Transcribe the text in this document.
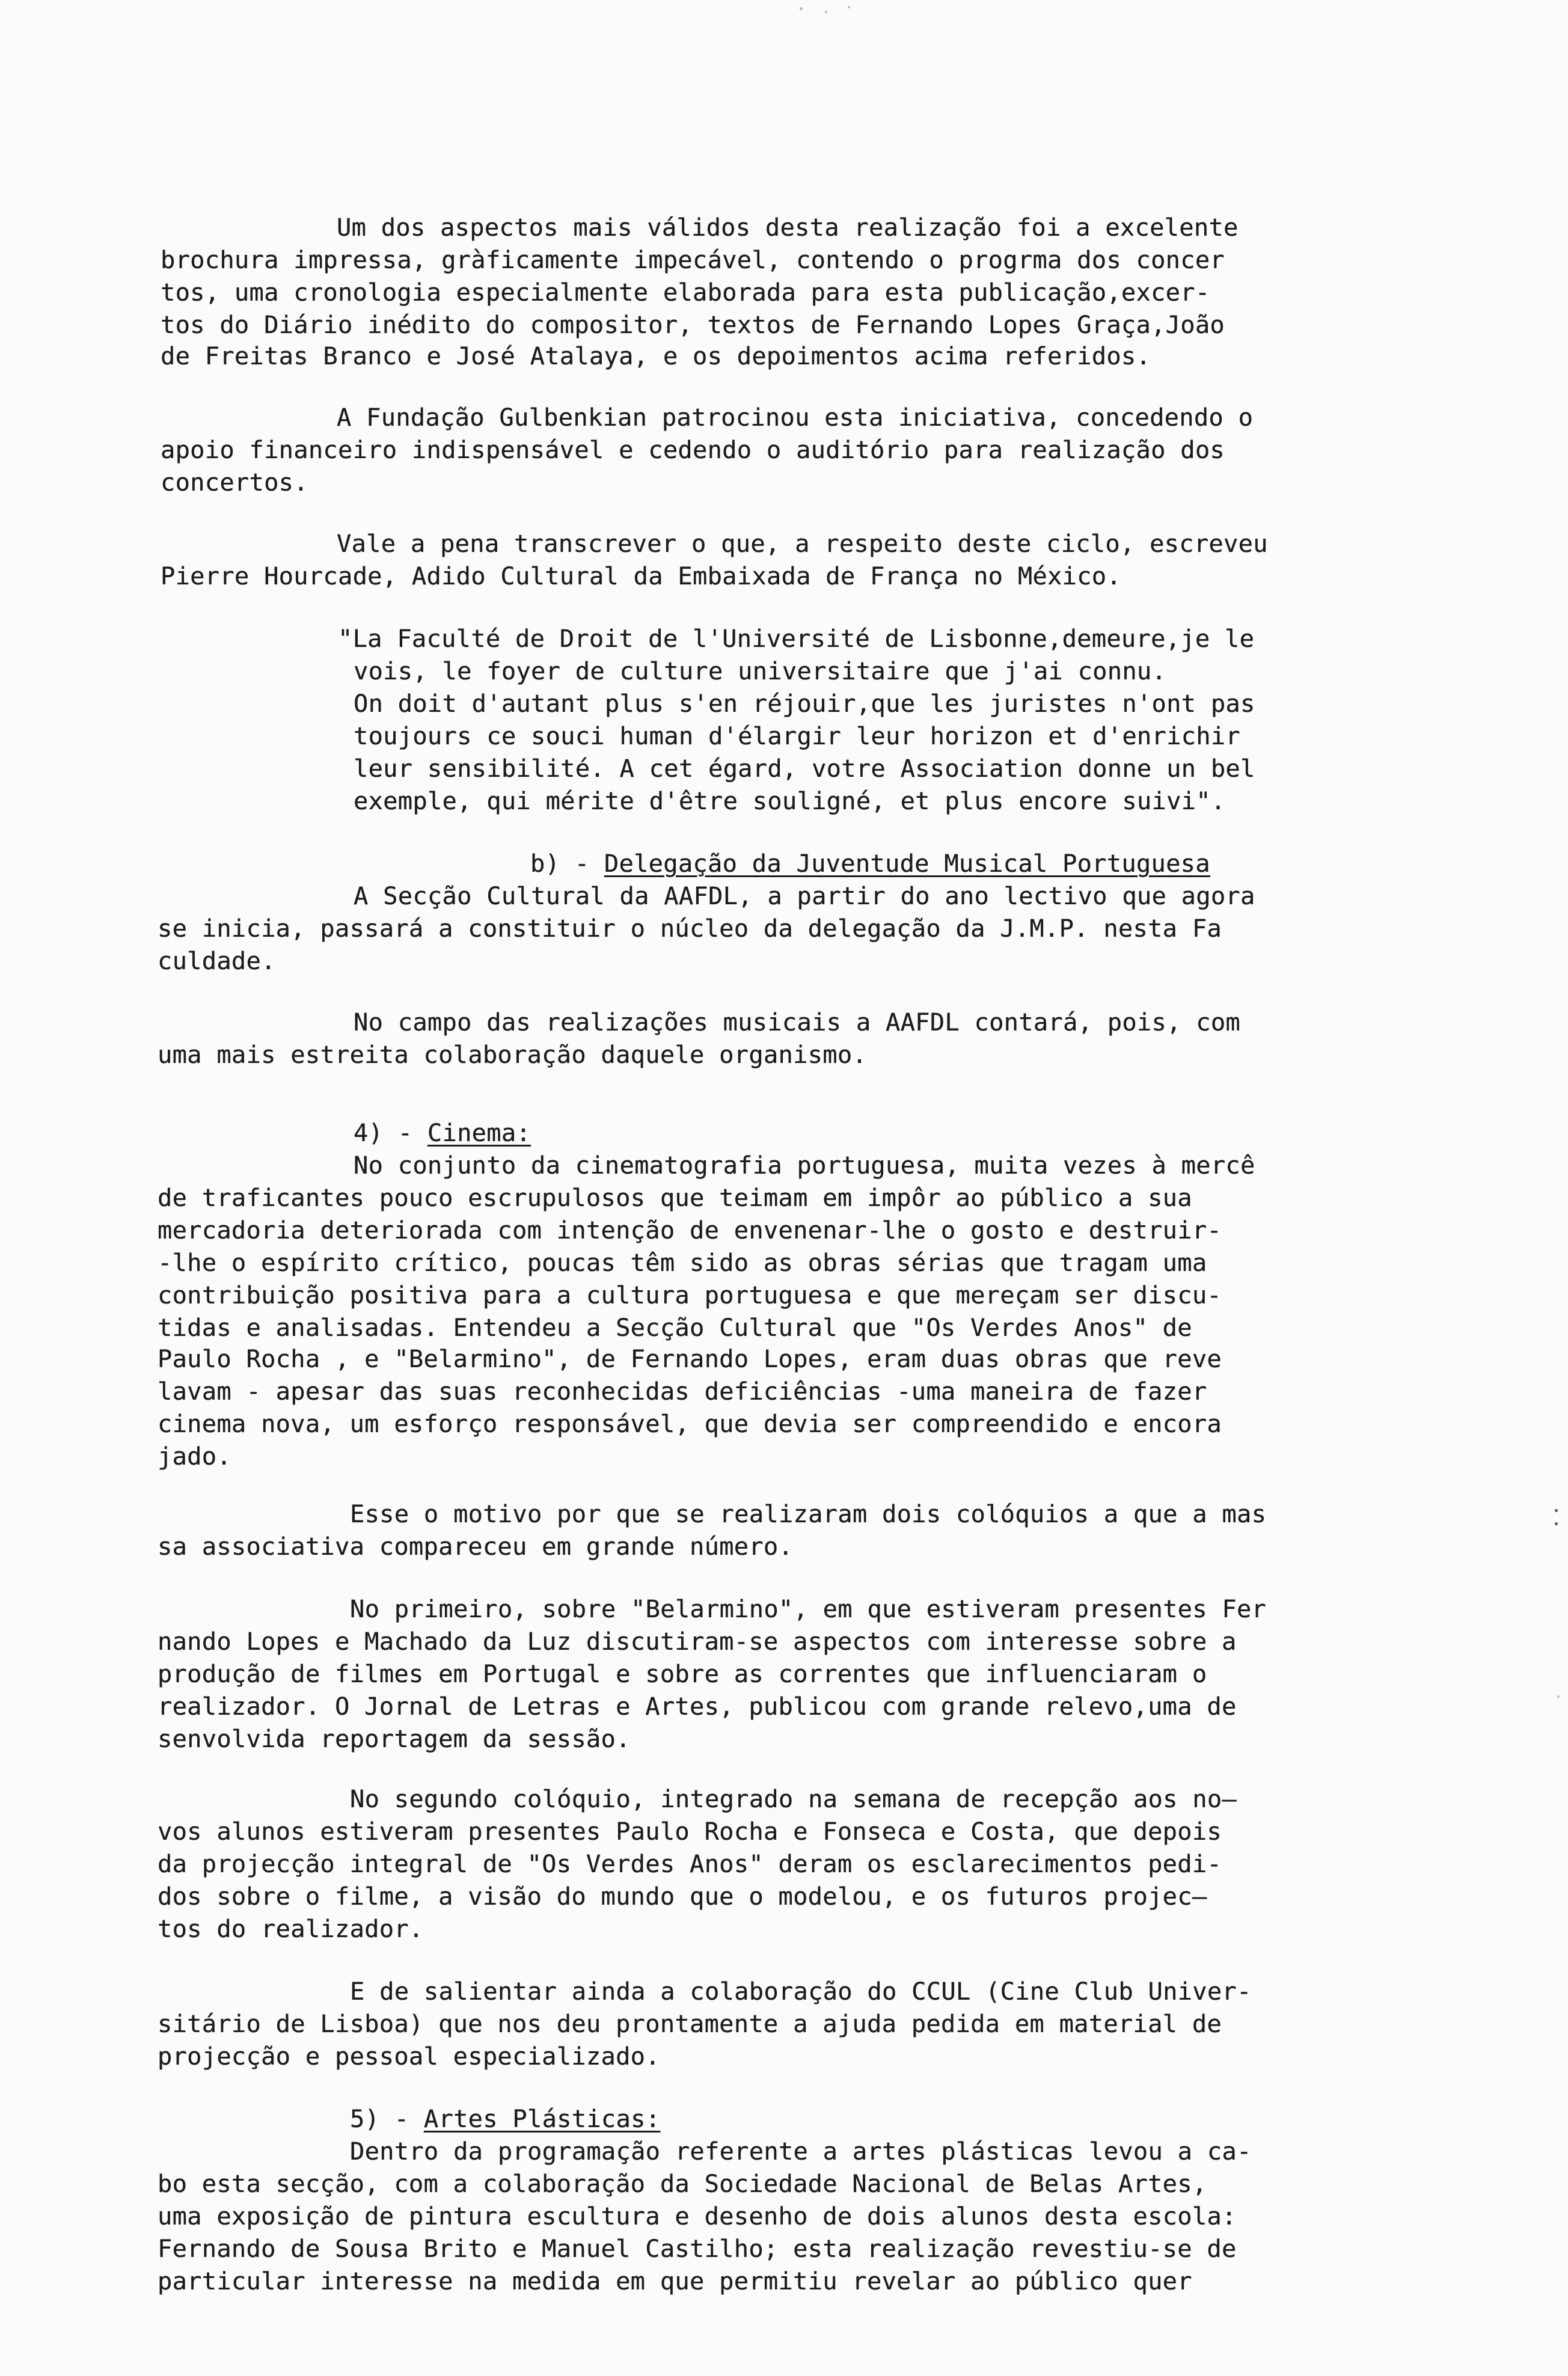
Um dos aspectos mais válidos desta realização foi a excelente
brochura impressa, gràficamente impecável, contendo o progrma dos concer
tos, uma cronologia especialmente elaborada para esta publicação,excer-
tos do Diário inédito do compositor, textos de Fernando Lopes Graça,João
de Freitas Branco e José Atalaya, e os depoimentos acima referidos.
A Fundação Gulbenkian patrocinou esta iniciativa, concedendo o
apoio financeiro indispensável e cedendo o auditório para realização dos
concertos.
Vale a pena transcrever o que, a respeito deste ciclo, escreveu
Pierre Hourcade, Adido Cultural da Embaixada de França no México.
"La Faculté de Droit de l'Université de Lisbonne,demeure,je le
vois, le foyer de culture universitaire que j'ai connu.
On doit d'autant plus s'en réjouir,que les juristes n'ont pas
toujours ce souci human d'élargir leur horizon et d'enrichir
leur sensibilité. A cet égard, votre Association donne un bel
exemple, qui mérite d'être souligné, et plus encore suivi".
b) - Delegação da Juventude Musical Portuguesa
A Secção Cultural da AAFDL, a partir do ano lectivo que agora
se inicia, passará a constituir o núcleo da delegação da J.M.P. nesta Fa
culdade.
No campo das realizações musicais a AAFDL contará, pois, com
uma mais estreita colaboração daquele organismo.
4) - Cinema:
No conjunto da cinematografia portuguesa, muita vezes à mercê
de traficantes pouco escrupulosos que teimam em impôr ao público a sua
mercadoria deteriorada com intenção de envenenar-lhe o gosto e destruir-
-lhe o espírito crítico, poucas têm sido as obras sérias que tragam uma
contribuição positiva para a cultura portuguesa e que mereçam ser discu-
tidas e analisadas. Entendeu a Secção Cultural que "Os Verdes Anos" de
Paulo Rocha , e "Belarmino", de Fernando Lopes, eram duas obras que reve
lavam - apesar das suas reconhecidas deficiências -uma maneira de fazer
cinema nova, um esforço responsável, que devia ser compreendido e encora
jado.
Esse o motivo por que se realizaram dois colóquios a que a mas
sa associativa compareceu em grande número.
No primeiro, sobre "Belarmino", em que estiveram presentes Fer
nando Lopes e Machado da Luz discutiram-se aspectos com interesse sobre a
produção de filmes em Portugal e sobre as correntes que influenciaram o
realizador. O Jornal de Letras e Artes, publicou com grande relevo,uma de
senvolvida reportagem da sessão.
No segundo colóquio, integrado na semana de recepção aos no—
vos alunos estiveram presentes Paulo Rocha e Fonseca e Costa, que depois
da projecção integral de "Os Verdes Anos" deram os esclarecimentos pedi-
dos sobre o filme, a visão do mundo que o modelou, e os futuros projec—
tos do realizador.
E de salientar ainda a colaboração do CCUL (Cine Club Univer-
sitário de Lisboa) que nos deu prontamente a ajuda pedida em material de
projecção e pessoal especializado.
5) - Artes Plásticas:
Dentro da programação referente a artes plásticas levou a ca-
bo esta secção, com a colaboração da Sociedade Nacional de Belas Artes,
uma exposição de pintura escultura e desenho de dois alunos desta escola:
Fernando de Sousa Brito e Manuel Castilho; esta realização revestiu-se de
particular interesse na medida em que permitiu revelar ao público quer
